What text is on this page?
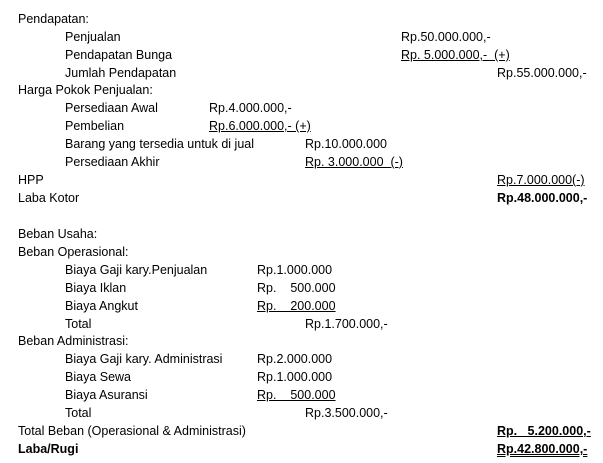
Pendapatan:
Penjualan	Rp.50.000.000,-
Pendapatan Bunga	Rp. 5.000.000,-  (+)
Jumlah Pendapatan	Rp.55.000.000,-
Harga Pokok Penjualan:
Persediaan Awal	Rp.4.000.000,-
Pembelian	Rp.6.000.000,- (+)
Barang yang tersedia untuk di jual	Rp.10.000.000
Persediaan Akhir	Rp. 3.000.000  (-)
HPP	Rp.7.000.000(-)
Laba Kotor	Rp.48.000.000,-
Beban Usaha:
Beban Operasional:
Biaya Gaji kary.Penjualan	Rp.1.000.000
Biaya Iklan	Rp.    500.000
Biaya Angkut	Rp.    200.000
Total	Rp.1.700.000,-
Beban Administrasi:
Biaya Gaji kary. Administrasi	Rp.2.000.000
Biaya Sewa	Rp.1.000.000
Biaya Asuransi	Rp.    500.000
Total	Rp.3.500.000,-
Total Beban (Operasional & Administrasi)	Rp.   5.200.000,-
Laba/Rugi	Rp.42.800.000,-
